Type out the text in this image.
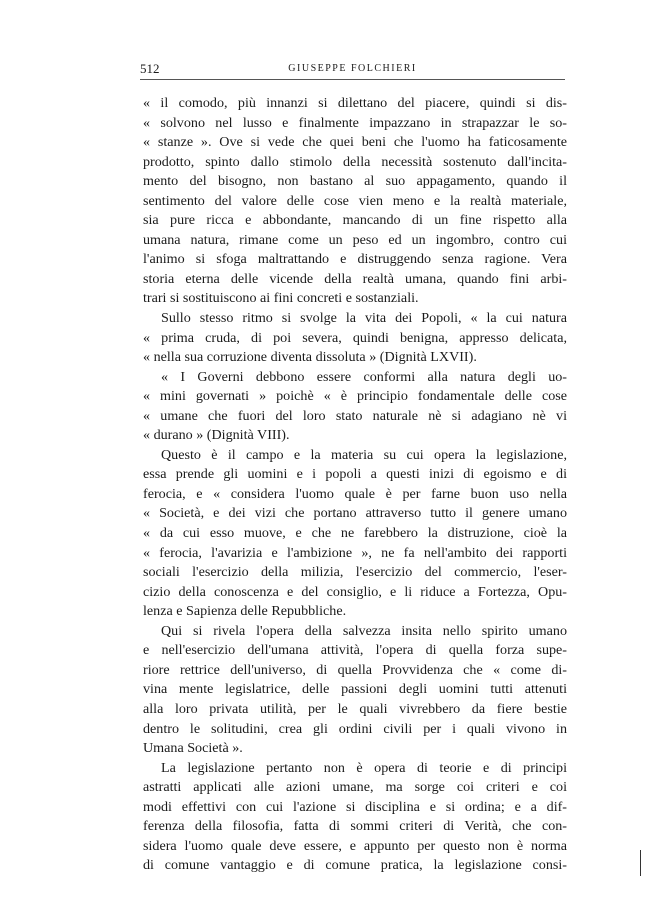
512	GIUSEPPE FOLCHIERI
« il comodo, più innanzi si dilettano del piacere, quindi si dis-
« solvono nel lusso e finalmente impazzano in strapazzar le so-
« stanze ». Ove si vede che quei beni che l'uomo ha faticosamente
prodotto, spinto dallo stimolo della necessità sostenuto dall'incita-
mento del bisogno, non bastano al suo appagamento, quando il
sentimento del valore delle cose vien meno e la realtà materiale,
sia pure ricca e abbondante, mancando di un fine rispetto alla
umana natura, rimane come un peso ed un ingombro, contro cui
l'animo si sfoga maltrattando e distruggendo senza ragione. Vera
storia eterna delle vicende della realtà umana, quando fini arbi-
trari si sostituiscono ai fini concreti e sostanziali.
Sullo stesso ritmo si svolge la vita dei Popoli, « la cui natura
« prima cruda, di poi severa, quindi benigna, appresso delicata,
« nella sua corruzione diventa dissoluta » (Dignità LXVII).
« I Governi debbono essere conformi alla natura degli uo-
« mini governati » poichè « è principio fondamentale delle cose
« umane che fuori del loro stato naturale nè si adagiano nè vi
« durano » (Dignità VIII).
Questo è il campo e la materia su cui opera la legislazione,
essa prende gli uomini e i popoli a questi inizi di egoismo e di
ferocia, e « considera l'uomo quale è per farne buon uso nella
« Società, e dei vizi che portano attraverso tutto il genere umano
« da cui esso muove, e che ne farebbero la distruzione, cioè la
« ferocia, l'avarizia e l'ambizione », ne fa nell'ambito dei rapporti
sociali l'esercizio della milizia, l'esercizio del commercio, l'eser-
cizio della conoscenza e del consiglio, e li riduce a Fortezza, Opu-
lenza e Sapienza delle Repubbliche.
Qui si rivela l'opera della salvezza insita nello spirito umano
e nell'esercizio dell'umana attività, l'opera di quella forza supe-
riore rettrice dell'universo, di quella Provvidenza che « come di-
vina mente legislatrice, delle passioni degli uomini tutti attenuti
alla loro privata utilità, per le quali vivrebbero da fiere bestie
dentro le solitudini, crea gli ordini civili per i quali vivono in
Umana Società ».
La legislazione pertanto non è opera di teorie e di principi
astratti applicati alle azioni umane, ma sorge coi criteri e coi
modi effettivi con cui l'azione si disciplina e si ordina; e a dif-
ferenza della filosofia, fatta di sommi criteri di Verità, che con-
sidera l'uomo quale deve essere, e appunto per questo non è norma
di comune vantaggio e di comune pratica, la legislazione consi-
